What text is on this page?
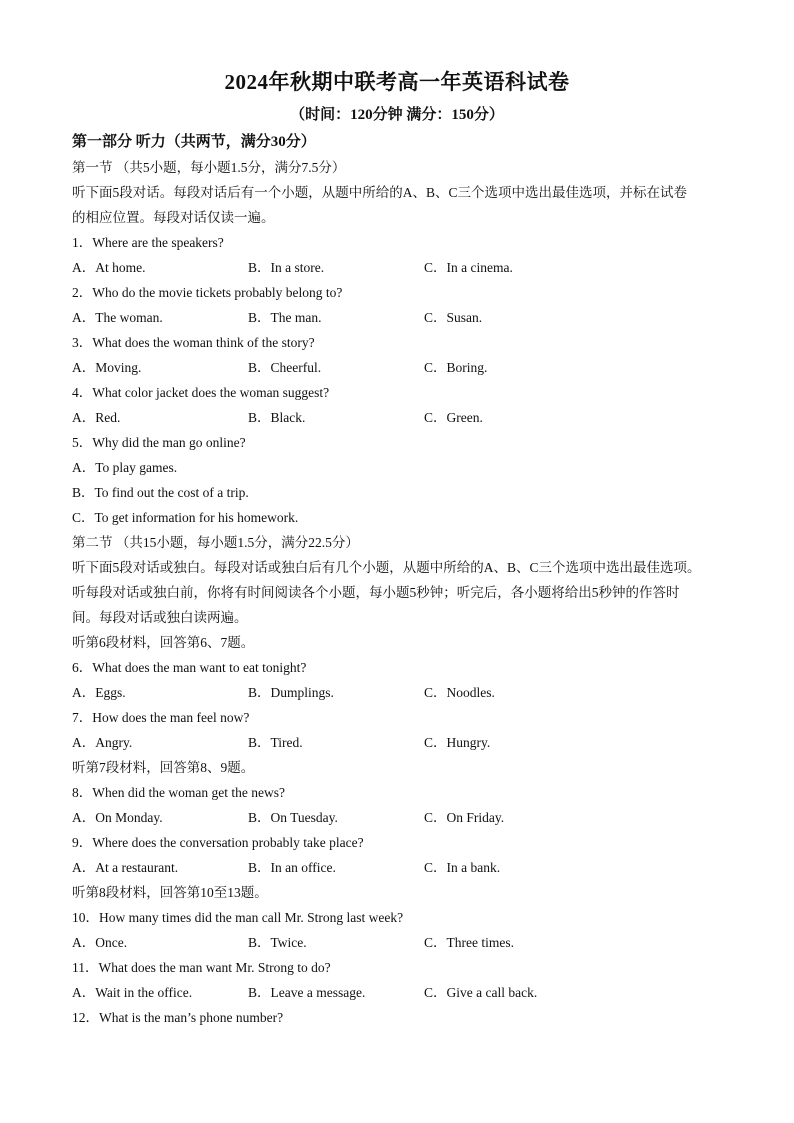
2024年秋期中联考高一年英语科试卷
（时间：120分钟 满分：150分）
第一部分 听力（共两节，满分30分）
第一节 （共5小题，每小题1.5分，满分7.5分）
听下面5段对话。每段对话后有一个小题，从题中所给的A、B、C三个选项中选出最佳选项，并标在试卷
的相应位置。每段对话仅读一遍。
1．Where are the speakers?
A．At home.	B．In a store.	C．In a cinema.
2．Who do the movie tickets probably belong to?
A．The woman.	B．The man.	C．Susan.
3．What does the woman think of the story?
A．Moving.	B．Cheerful.	C．Boring.
4．What color jacket does the woman suggest?
A．Red.	B．Black.	C．Green.
5．Why did the man go online?
A．To play games.
B．To find out the cost of a trip.
C．To get information for his homework.
第二节 （共15小题，每小题1.5分，满分22.5分）
听下面5段对话或独白。每段对话或独白后有几个小题，从题中所给的A、B、C三个选项中选出最佳选项。
听每段对话或独白前，你将有时间阅读各个小题，每小题5秒钟；听完后，各小题将给出5秒钟的作答时
间。每段对话或独白读两遍。
听第6段材料，回答第6、7题。
6．What does the man want to eat tonight?
A．Eggs.	B．Dumplings.	C．Noodles.
7．How does the man feel now?
A．Angry.	B．Tired.	C．Hungry.
听第7段材料，回答第8、9题。
8．When did the woman get the news?
A．On Monday.	B．On Tuesday.	C．On Friday.
9．Where does the conversation probably take place?
A．At a restaurant.	B．In an office.	C．In a bank.
听第8段材料，回答第10至13题。
10．How many times did the man call Mr. Strong last week?
A．Once.	B．Twice.	C．Three times.
11．What does the man want Mr. Strong to do?
A．Wait in the office.	B．Leave a message.	C．Give a call back.
12．What is the man’s phone number?
